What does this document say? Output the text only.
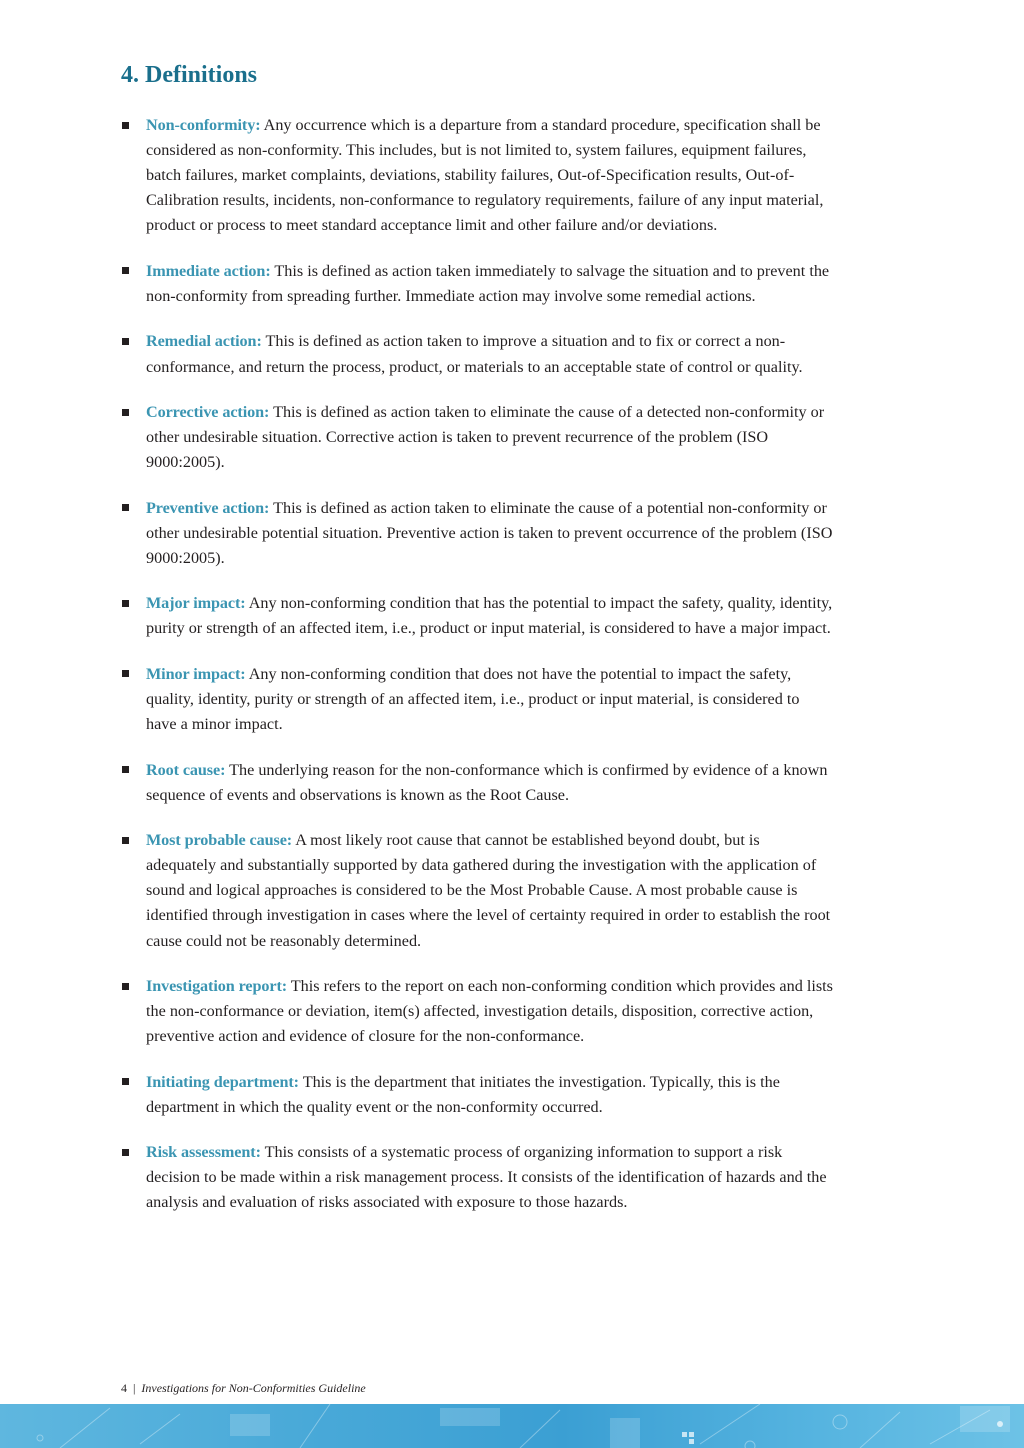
4. Definitions
Non-conformity: Any occurrence which is a departure from a standard procedure, specification shall be considered as non-conformity. This includes, but is not limited to, system failures, equipment failures, batch failures, market complaints, deviations, stability failures, Out-of-Specification results, Out-of-Calibration results, incidents, non-conformance to regulatory requirements, failure of any input material, product or process to meet standard acceptance limit and other failure and/or deviations.
Immediate action: This is defined as action taken immediately to salvage the situation and to prevent the non-conformity from spreading further. Immediate action may involve some remedial actions.
Remedial action: This is defined as action taken to improve a situation and to fix or correct a non-conformance, and return the process, product, or materials to an acceptable state of control or quality.
Corrective action: This is defined as action taken to eliminate the cause of a detected non-conformity or other undesirable situation. Corrective action is taken to prevent recurrence of the problem (ISO 9000:2005).
Preventive action: This is defined as action taken to eliminate the cause of a potential non-conformity or other undesirable potential situation. Preventive action is taken to prevent occurrence of the problem (ISO 9000:2005).
Major impact: Any non-conforming condition that has the potential to impact the safety, quality, identity, purity or strength of an affected item, i.e., product or input material, is considered to have a major impact.
Minor impact: Any non-conforming condition that does not have the potential to impact the safety, quality, identity, purity or strength of an affected item, i.e., product or input material, is considered to have a minor impact.
Root cause: The underlying reason for the non-conformance which is confirmed by evidence of a known sequence of events and observations is known as the Root Cause.
Most probable cause: A most likely root cause that cannot be established beyond doubt, but is adequately and substantially supported by data gathered during the investigation with the application of sound and logical approaches is considered to be the Most Probable Cause. A most probable cause is identified through investigation in cases where the level of certainty required in order to establish the root cause could not be reasonably determined.
Investigation report: This refers to the report on each non-conforming condition which provides and lists the non-conformance or deviation, item(s) affected, investigation details, disposition, corrective action, preventive action and evidence of closure for the non-conformance.
Initiating department: This is the department that initiates the investigation. Typically, this is the department in which the quality event or the non-conformity occurred.
Risk assessment: This consists of a systematic process of organizing information to support a risk decision to be made within a risk management process. It consists of the identification of hazards and the analysis and evaluation of risks associated with exposure to those hazards.
4 | Investigations for Non-Conformities Guideline
